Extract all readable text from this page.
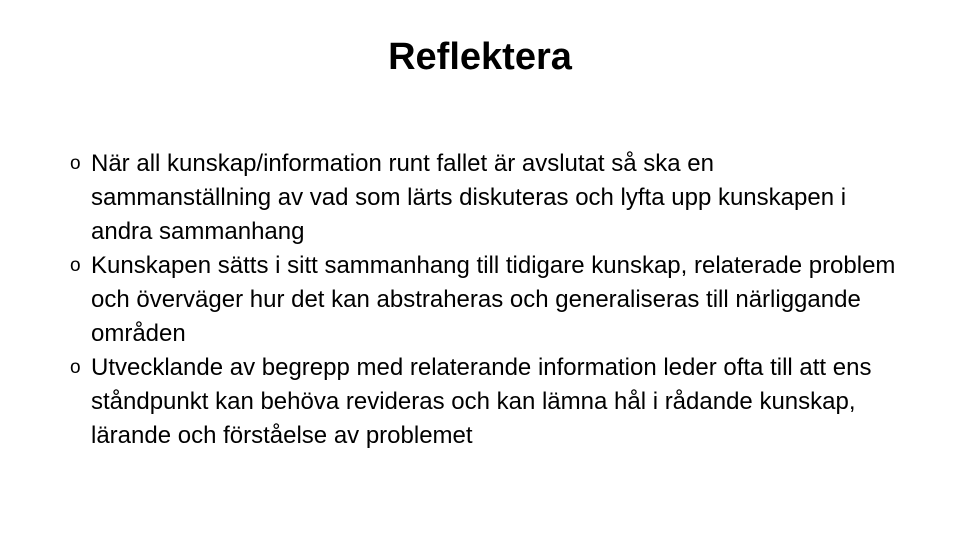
Reflektera
o När all kunskap/information runt fallet är avslutat så ska en sammanställning av vad som lärts diskuteras och lyfta upp kunskapen i andra sammanhang
o Kunskapen sätts i sitt sammanhang till tidigare kunskap, relaterade problem och överväger hur det kan abstraheras och generaliseras till närliggande områden
o Utvecklande av begrepp med relaterande information leder ofta till att ens ståndpunkt kan behöva revideras och kan lämna hål i rådande kunskap, lärande och förståelse av problemet
